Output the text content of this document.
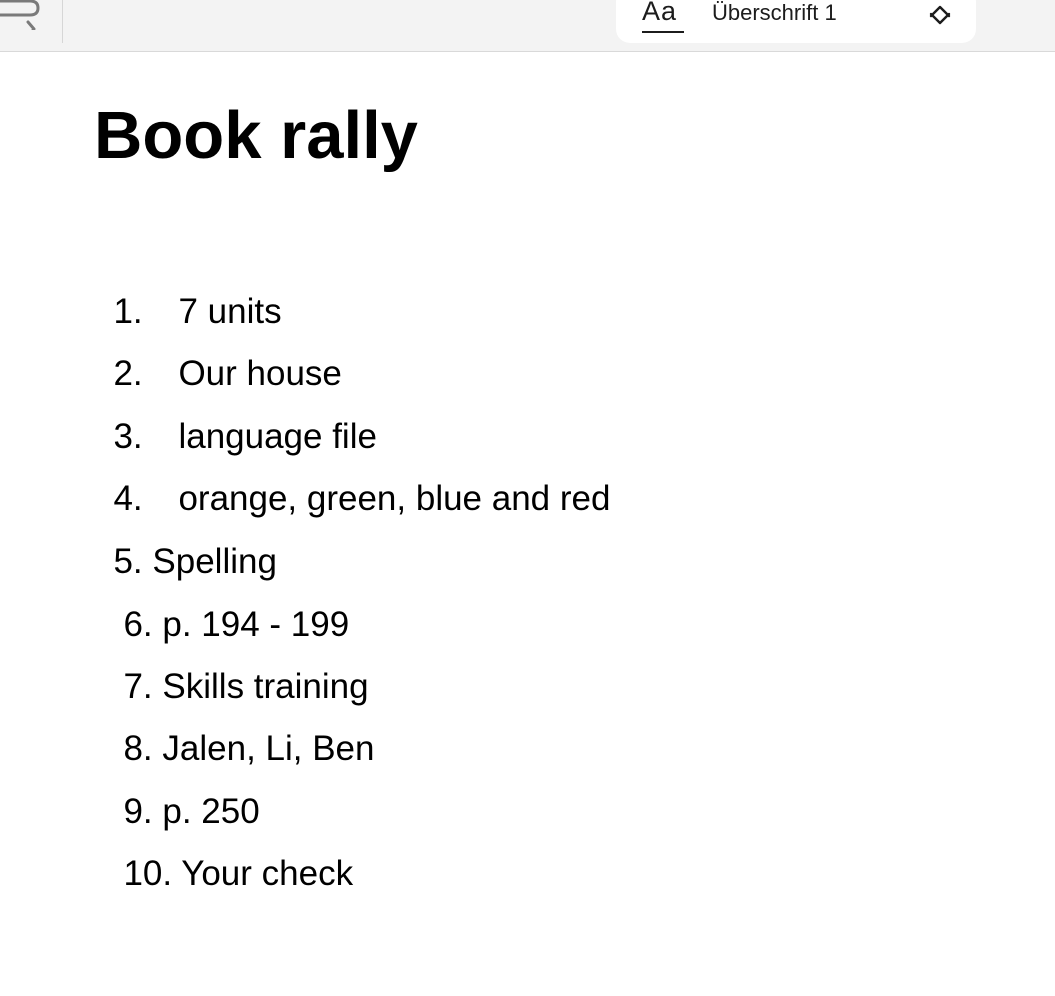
Aa Überschrift 1
Book rally

1. 7 units

2. Our house

3. language file

4. orange, green, blue and red

5. Spelling

6. p. 194 - 199

7. Skills training

8. Jalen, Li, Ben

9. p. 250

10. Your check
